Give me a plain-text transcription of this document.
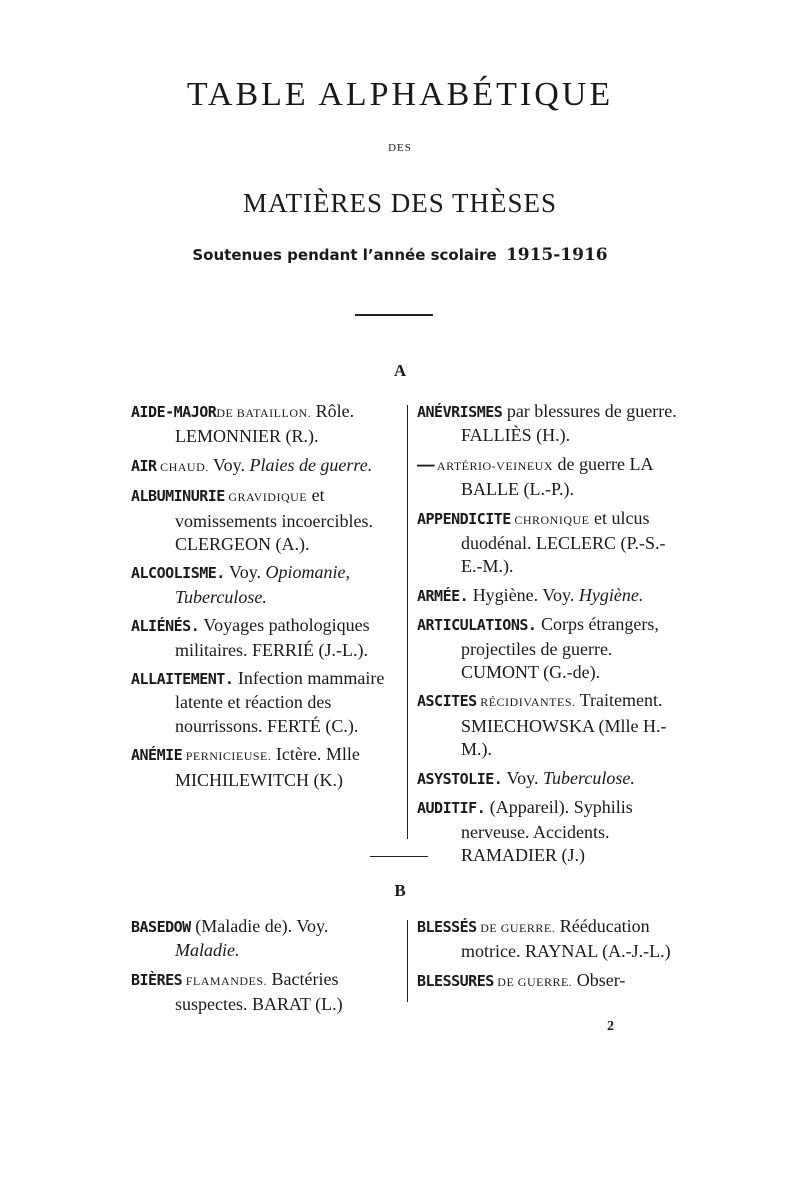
TABLE ALPHABÉTIQUE
DES
MATIÈRES DES THÈSES
Soutenues pendant l’année scolaire 1915-1916
A

AIDE-MAJORDE BATAILLON. Rôle. LEMONNIER (R.).

AIR CHAUD. Voy. Plaies de guerre.

ALBUMINURIE GRAVIDIQUE et vomissements incoercibles. CLERGEON (A.).

ALCOOLISME. Voy. Opiomanie, Tuberculose.

ALIÉNÉS. Voyages pathologiques militaires. FERRIÉ (J.-L.).

ALLAITEMENT. Infection mammaire latente et réaction des nourrissons. FERTÉ (C.).

ANÉMIE PERNICIEUSE. Ictère. Mlle MICHILEWITCH (K.)

ANÉVRISMES par blessures de guerre. FALLIÈS (H.).

—— ARTÉRIO-VEINEUX de guerre LA BALLE (L.-P.).

APPENDICITE CHRONIQUE et ulcus duodénal. LECLERC (P.-S.-E.-M.).

ARMÉE. Hygiène. Voy. Hygiène.

ARTICULATIONS. Corps étrangers, projectiles de guerre. CUMONT (G.-de).

ASCITES RÉCIDIVANTES. Traitement. SMIECHOWSKA (Mlle H.-M.).

ASYSTOLIE. Voy. Tuberculose.

AUDITIF. (Appareil). Syphilis nerveuse. Accidents. RAMADIER (J.)

B

BASEDOW (Maladie de). Voy. Maladie.

BIÈRES FLAMANDES. Bactéries suspectes. BARAT (L.)

BLESSÉS DE GUERRE. Rééducation motrice. RAYNAL (A.-J.-L.)

BLESSURES DE GUERRE. Obser-

2
